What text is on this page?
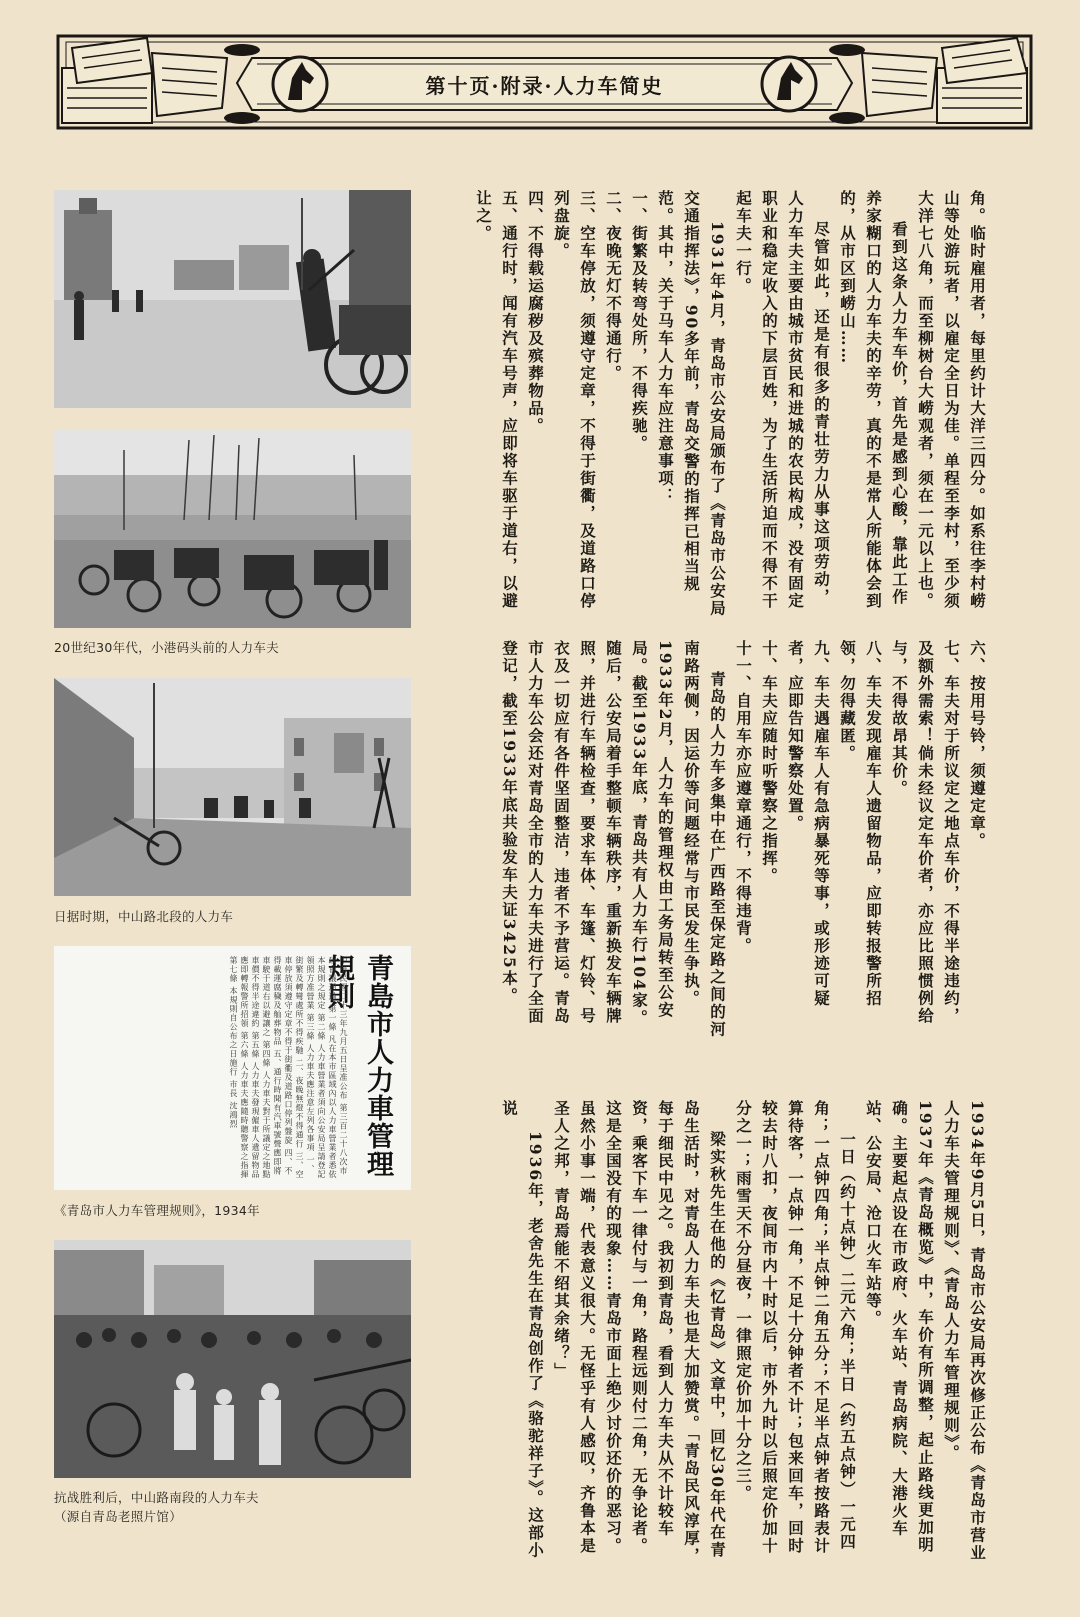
第十页·附录·人力车简史
20世纪30年代，小港码头前的人力车夫
日据时期，中山路北段的人力车
青島市人力車管理規則
中華民國二十三年九月五日呈准公布 第三百二十八次市政會議通過 第一條 凡在本市區域內以人力車營業者悉依本規則之規定 第二條 人力車營業者須向公安局呈請登記領照方准營業 第三條 人力車夫應注意左列各事項 一、街繁及轉彎處所不得疾馳 二、夜晚無燈不得通行 三、空車停放須遵守定章不得于街衢及道路口停列盤旋 四、不得載運腐穢及舢葬物品 五、通行時聞有汽車號聲應即將車駛于道右以避讓之 第四條 人力車夫對于所議定之地點車價不得半途違約 第五條 人力車夫發現僱車人遺留物品應即轉報警所招領 第六條 人力車夫應隨時聽警察之指揮 第七條 本規則自公布之日施行 市長 沈鴻烈
《青岛市人力车管理规则》，1934年
抗战胜利后，中山路南段的人力车夫
（源自青岛老照片馆）

角。临时雇用者，每里约计大洋三四分。如系往李村崂山等处游玩者，以雇定全日为佳。单程至李村，至少须大洋七八角，而至柳树台大崂观者，须在一元以上也。

看到这条人力车车价，首先是感到心酸，靠此工作养家糊口的人力车夫的辛劳，真的不是常人所能体会到的，从市区到崂山……

尽管如此，还是有很多的青壮劳力从事这项劳动，人力车夫主要由城市贫民和进城的农民构成，没有固定职业和稳定收入的下层百姓，为了生活所迫而不得不干起车夫一行。

1931年4月，青岛市公安局颁布了《青岛市公安局交通指挥法》，90多年前，青岛交警的指挥已相当规范。其中，关于马车人力车应注意事项：

一、街繁及转弯处所，不得疾驰。

二、夜晚无灯不得通行。

三、空车停放，须遵守定章，不得于街衢，及道路口停列盘旋。

四、不得载运腐秽及殡葬物品。

五、通行时，闻有汽车号声，应即将车驱于道右，以避让之。

六、按用号铃，须遵定章。

七、车夫对于所议定之地点车价，不得半途违约，及额外需索！倘未经议定车价者，亦应比照惯例给与，不得故昂其价。

八、车夫发现雇车人遗留物品，应即转报警所招领，勿得藏匿。

九、车夫遇雇车人有急病暴死等事，或形迹可疑者，应即告知警察处置。

十、车夫应随时听警察之指挥。

十一、自用车亦应遵章通行，不得违背。

青岛的人力车多集中在广西路至保定路之间的河南路两侧，因运价等问题经常与市民发生争执。1933年2月，人力车的管理权由工务局转至公安局。截至1933年底，青岛共有人力车行104家。随后，公安局着手整顿车辆秩序，重新换发车辆牌照，并进行车辆检查，要求车体、车篷、灯铃、号衣及一切应有各件坚固整洁，违者不予营运。青岛市人力车公会还对青岛全市的人力车夫进行了全面登记，截至1933年底共验发车夫证3425本。

1934年9月5日，青岛市公安局再次修正公布《青岛市营业人力车夫管理规则》、《青岛人力车管理规则》。

1937年《青岛概览》中，车价有所调整，起止路线更加明确。主要起点设在市政府、火车站、青岛病院、大港火车站、公安局、沧口火车站等。

一日（约十点钟）二元六角；半日（约五点钟）一元四角；一点钟四角；半点钟二角五分；不足半点钟者按路表计算待客，一点钟一角，不足十分钟者不计；包来回车，回时较去时八扣，夜间市内十时以后，市外九时以后照定价加十分之一；雨雪天不分昼夜，一律照定价加十分之三。

梁实秋先生在他的《忆青岛》文章中，回忆30年代在青岛生活时，对青岛人力车夫也是大加赞赏。「青岛民风淳厚，每于细民中见之。我初到青岛，看到人力车夫从不计较车资，乘客下车一律付与一角，路程远则付二角，无争论者。这是全国没有的现象……青岛市面上绝少讨价还价的恶习。虽然小事一端，代表意义很大。无怪乎有人感叹，齐鲁本是圣人之邦，青岛焉能不绍其余绪？」

1936年，老舍先生在青岛创作了《骆驼祥子》。这部小说
